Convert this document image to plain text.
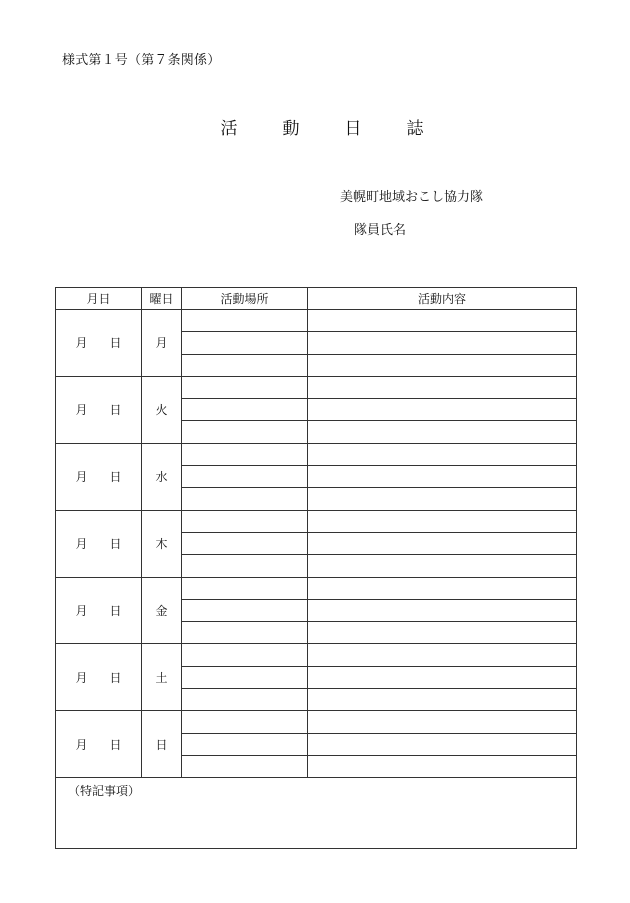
様式第１号（第７条関係）
活　動　日　誌
美幌町地域おこし協力隊
隊員氏名
月日	曜日	活動場所	活動内容
月 日	月		

月 日	火		

月 日	水		

月 日	木		

月 日	金		

月 日	土		

月 日	日		

（特記事項）			
